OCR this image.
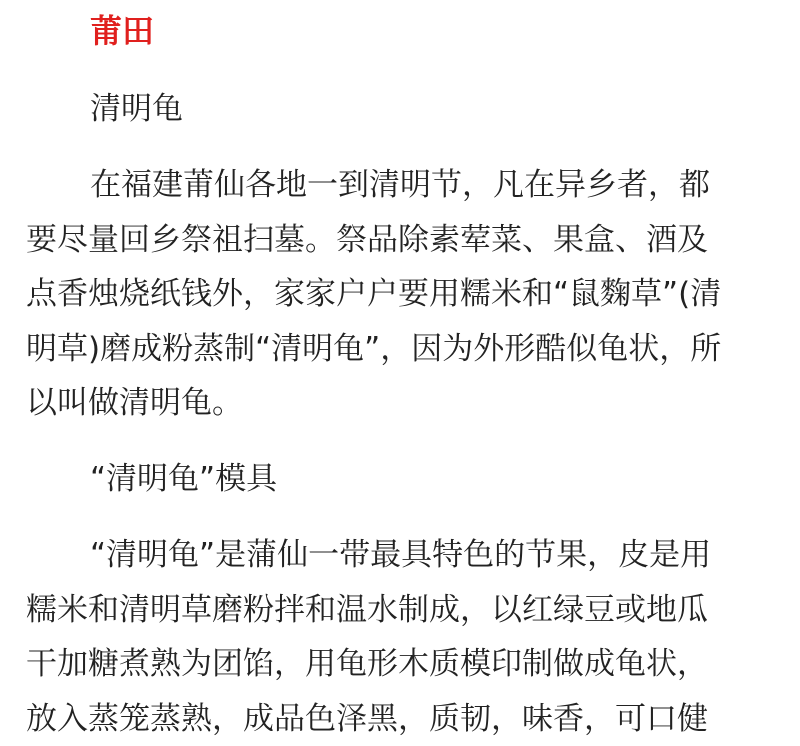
莆田
清明龟
在福建莆仙各地一到清明节，凡在异乡者，都
要尽量回乡祭祖扫墓。祭品除素荤菜、果盒、酒及
点香烛烧纸钱外，家家户户要用糯米和“鼠麴草”(清
明草)磨成粉蒸制“清明龟”，因为外形酷似龟状，所
以叫做清明龟。
“清明龟”模具
“清明龟”是蒲仙一带最具特色的节果，皮是用
糯米和清明草磨粉拌和温水制成，以红绿豆或地瓜
干加糖煮熟为团馅，用龟形木质模印制做成龟状，
放入蒸笼蒸熟，成品色泽黑，质韧，味香，可口健
